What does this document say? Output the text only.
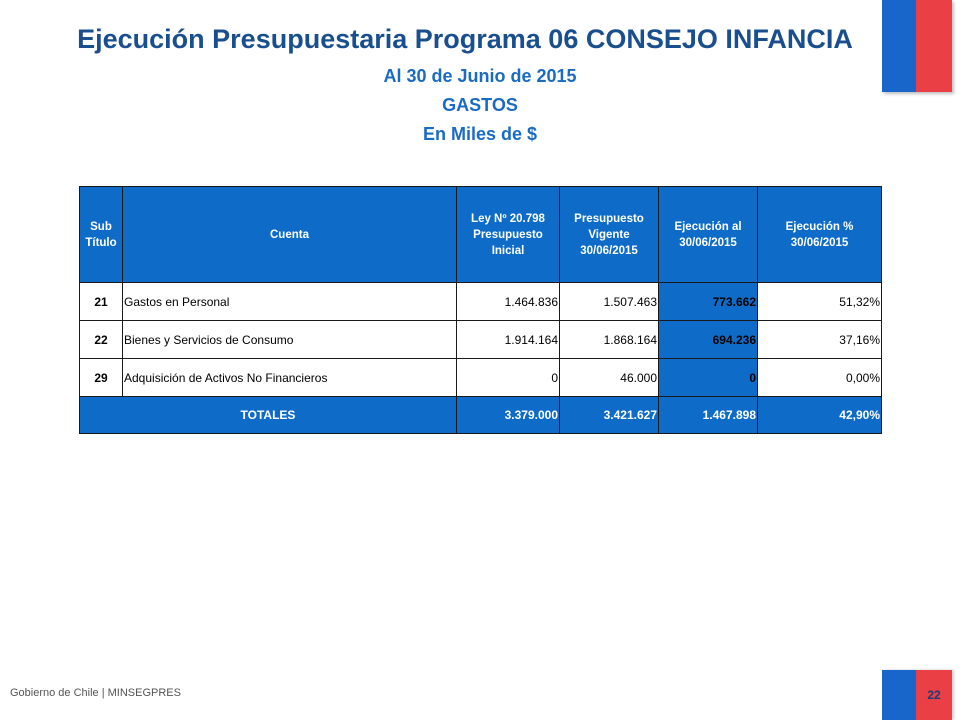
Ejecución Presupuestaria Programa 06 CONSEJO INFANCIA
Al 30 de Junio de 2015
GASTOS
En Miles de $
Sub Título	Cuenta	Ley Nº 20.798 Presupuesto Inicial	Presupuesto Vigente 30/06/2015	Ejecución al 30/06/2015	Ejecución % 30/06/2015
21	Gastos en Personal	1.464.836	1.507.463	773.662	51,32%
22	Bienes y Servicios de Consumo	1.914.164	1.868.164	694.236	37,16%
29	Adquisición de Activos No Financieros	0	46.000	0	0,00%
TOTALES		3.379.000	3.421.627	1.467.898	42,90%
Gobierno de Chile | MINSEGPRES	22
